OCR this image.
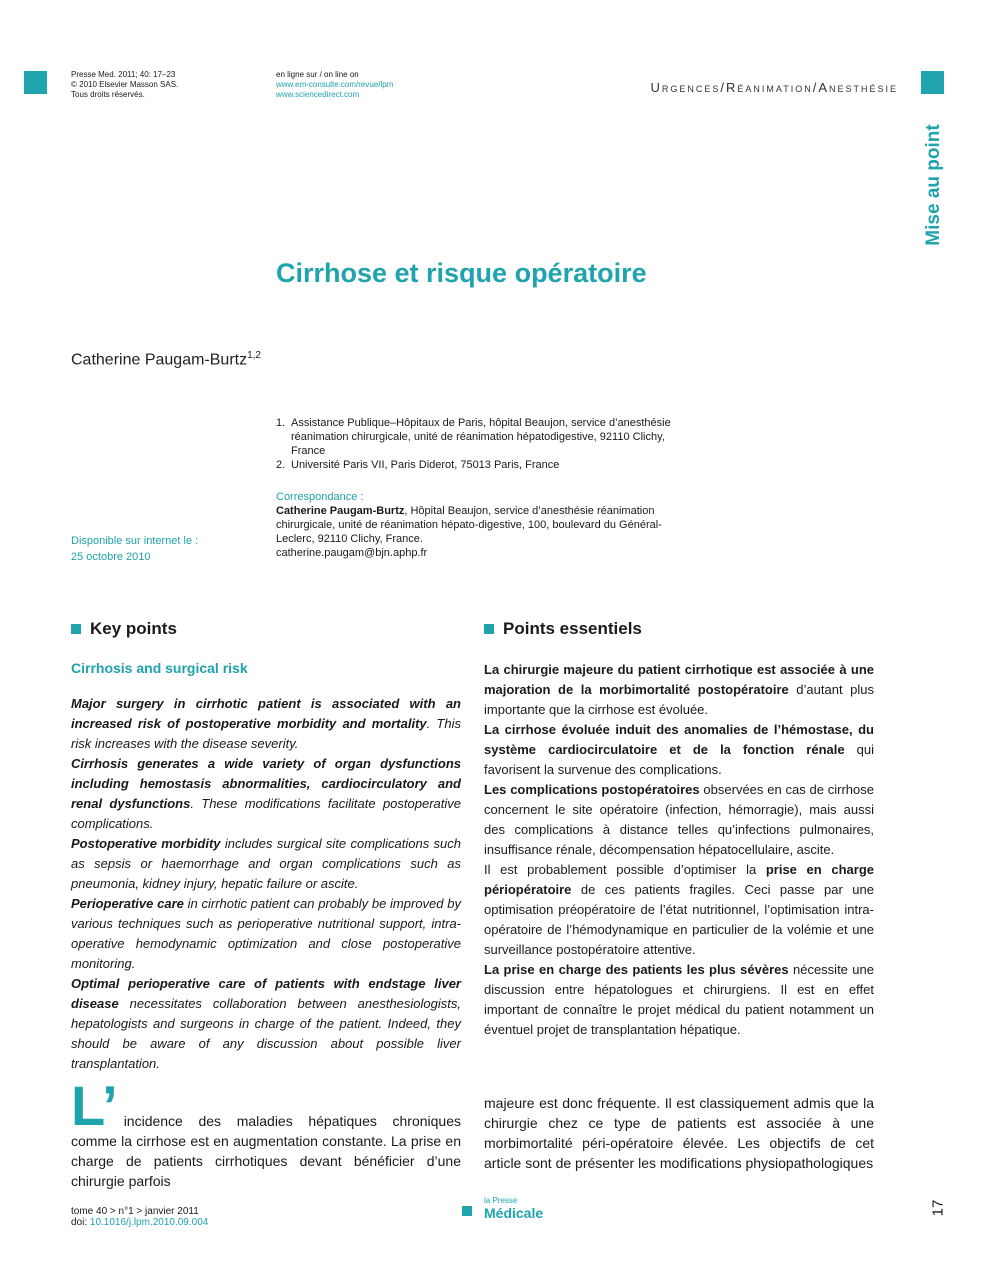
Presse Med. 2011; 40: 17–23
© 2010 Elsevier Masson SAS.
Tous droits réservés.
en ligne sur / on line on
www.em-consulte.com/revue/lpm
www.sciencedirect.com	Urgences/Réanimation/Anesthésie
Mise au point
Cirrhose et risque opératoire
Catherine Paugam-Burtz$^{1,2}$
1. Assistance Publique–Hôpitaux de Paris, hôpital Beaujon, service d’anesthésie réanimation chirurgicale, unité de réanimation hépatodigestive, 92110 Clichy, France
2. Université Paris VII, Paris Diderot, 75013 Paris, France
Correspondance :
Catherine Paugam-Burtz, Hôpital Beaujon, service d’anesthésie réanimation chirurgicale, unité de réanimation hépato-digestive, 100, boulevard du Général-Leclerc, 92110 Clichy, France.
catherine.paugam@bjn.aphp.fr
Disponible sur internet le :
25 octobre 2010
Key points	Points essentiels
Cirrhosis and surgical risk

Major surgery in cirrhotic patient is associated with an increased risk of postoperative morbidity and mortality. This risk increases with the disease severity.

Cirrhosis generates a wide variety of organ dysfunctions including hemostasis abnormalities, cardiocirculatory and renal dysfunctions. These modifications facilitate postoperative complications.

Postoperative morbidity includes surgical site complications such as sepsis or haemorrhage and organ complications such as pneumonia, kidney injury, hepatic failure or ascite.

Perioperative care in cirrhotic patient can probably be improved by various techniques such as perioperative nutritional support, intra-operative hemodynamic optimization and close postoperative monitoring.

Optimal perioperative care of patients with endstage liver disease necessitates collaboration between anesthesiologists, hepatologists and surgeons in charge of the patient. Indeed, they should be aware of any discussion about possible liver transplantation.

La chirurgie majeure du patient cirrhotique est associée à une majoration de la morbimortalité postopératoire d’autant plus importante que la cirrhose est évoluée.

La cirrhose évoluée induit des anomalies de l’hémostase, du système cardiocirculatoire et de la fonction rénale qui favorisent la survenue des complications.

Les complications postopératoires observées en cas de cirrhose concernent le site opératoire (infection, hémorragie), mais aussi des complications à distance telles qu’infections pulmonaires, insuffisance rénale, décompensation hépatocellulaire, ascite.

Il est probablement possible d’optimiser la prise en charge périopératoire de ces patients fragiles. Ceci passe par une optimisation préopératoire de l’état nutritionnel, l’optimisation intra-opératoire de l’hémodynamique en particulier de la volémie et une surveillance postopératoire attentive.

La prise en charge des patients les plus sévères nécessite une discussion entre hépatologues et chirurgiens. Il est en effet important de connaître le projet médical du patient notamment un éventuel projet de transplantation hépatique.

L’ incidence des maladies hépatiques chroniques comme la cirrhose est en augmentation constante. La prise en charge de patients cirrhotiques devant bénéficier d’une chirurgie parfois

majeure est donc fréquente. Il est classiquement admis que la chirurgie chez ce type de patients est associée à une morbimortalité péri-opératoire élevée. Les objectifs de cet article sont de présenter les modifications physiopathologiques

tome 40 > n°1 > janvier 2011
doi: 10.1016/j.lpm.2010.09.004
la Presse
Médicale	17
